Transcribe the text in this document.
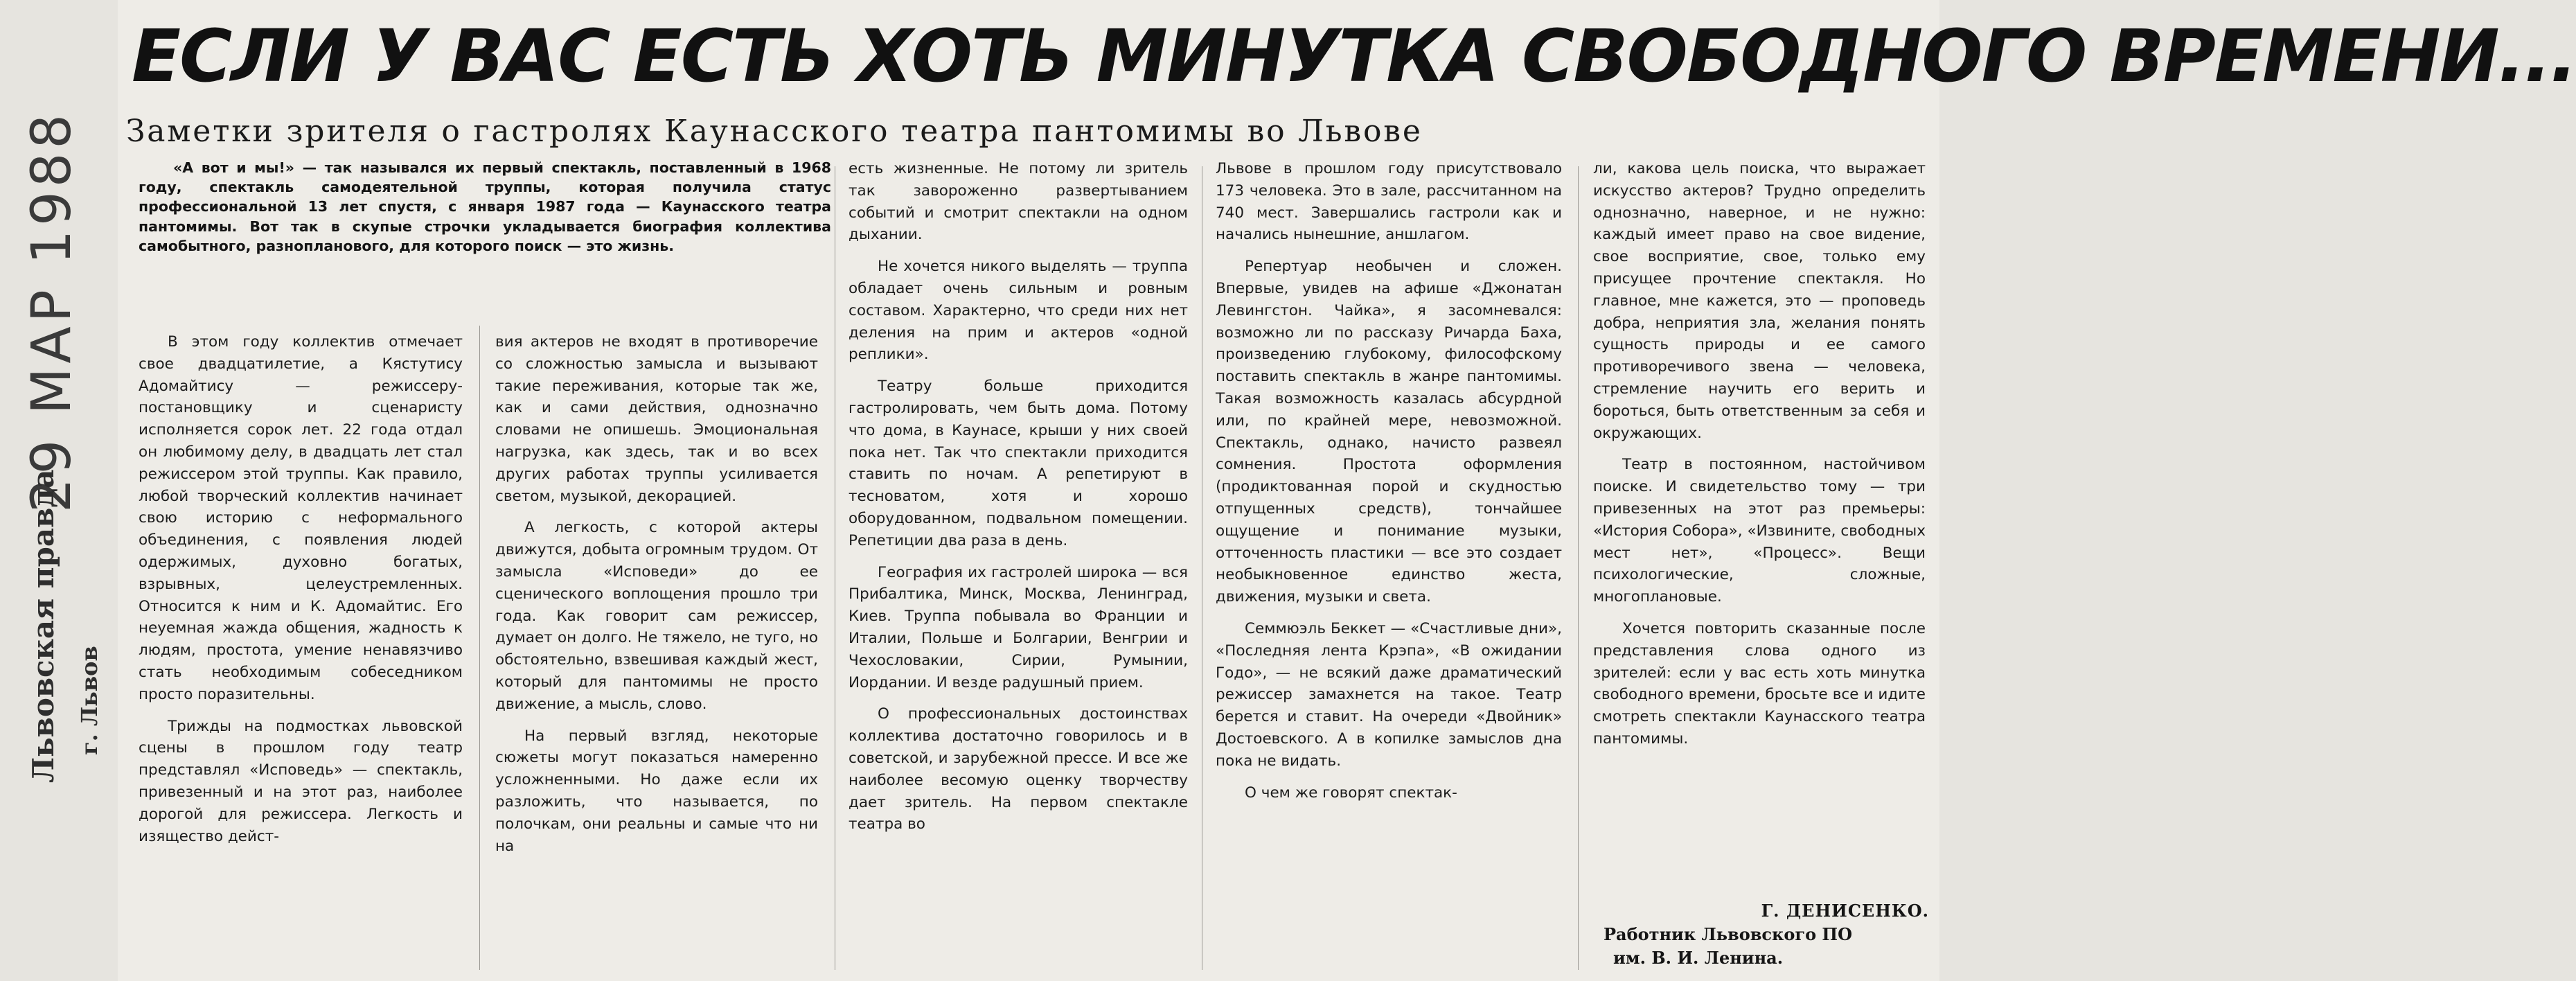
29 МАР 1988
Львовская правда г. Львов
ЕСЛИ У ВАС ЕСТЬ ХОТЬ МИНУТКА СВОБОДНОГО ВРЕМЕНИ...
Заметки зрителя о гастролях Каунасского театра пантомимы во Львове

«А вот и мы!» — так назывался их первый спектакль, поставленный в 1968 году, спектакль самодеятельной труппы, которая получила статус профессиональной 13 лет спустя, с января 1987 года — Каунасского театра пантомимы. Вот так в скупые строчки укладывается биография коллектива самобытного, разнопланового, для которого поиск — это жизнь.

В этом году коллектив отмечает свое двадцатилетие, а Кястутису Адомайтису — режиссеру-постановщику и сценаристу исполняется сорок лет. 22 года отдал он любимому делу, в двадцать лет стал режиссером этой труппы. Как правило, любой творческий коллектив начинает свою историю с неформального объединения, с появления людей одержимых, духовно богатых, взрывных, целеустремленных. Относится к ним и К. Адомайтис. Его неуемная жажда общения, жадность к людям, простота, умение ненавязчиво стать необходимым собеседником просто поразительны.

Трижды на подмостках львовской сцены в прошлом году театр представлял «Исповедь» — спектакль, привезенный и на этот раз, наиболее дорогой для режиссера. Легкость и изящество дейст-

вия актеров не входят в противоречие со сложностью замысла и вызывают такие переживания, которые так же, как и сами действия, однозначно словами не опишешь. Эмоциональная нагрузка, как здесь, так и во всех других работах труппы усиливается светом, музыкой, декорацией.

А легкость, с которой актеры движутся, добыта огромным трудом. От замысла «Исповеди» до ее сценического воплощения прошло три года. Как говорит сам режиссер, думает он долго. Не тяжело, не туго, но обстоятельно, взвешивая каждый жест, который для пантомимы не просто движение, а мысль, слово.

На первый взгляд, некоторые сюжеты могут показаться намеренно усложненными. Но даже если их разложить, что называется, по полочкам, они реальны и самые что ни на

есть жизненные. Не потому ли зритель так завороженно развертыванием событий и смотрит спектакли на одном дыхании.

Не хочется никого выделять — труппа обладает очень сильным и ровным составом. Характерно, что среди них нет деления на прим и актеров «одной реплики».

Театру больше приходится гастролировать, чем быть дома. Потому что дома, в Каунасе, крыши у них своей пока нет. Так что спектакли приходится ставить по ночам. А репетируют в тесноватом, хотя и хорошо оборудованном, подвальном помещении. Репетиции два раза в день.

География их гастролей широка — вся Прибалтика, Минск, Москва, Ленинград, Киев. Труппа побывала во Франции и Италии, Польше и Болгарии, Венгрии и Чехословакии, Сирии, Румынии, Иордании. И везде радушный прием.

О профессиональных достоинствах коллектива достаточно говорилось и в советской, и зарубежной прессе. И все же наиболее весомую оценку творчеству дает зритель. На первом спектакле театра во

Львове в прошлом году присутствовало 173 человека. Это в зале, рассчитанном на 740 мест. Завершались гастроли как и начались нынешние, аншлагом.

Репертуар необычен и сложен. Впервые, увидев на афише «Джонатан Левингстон. Чайка», я засомневался: возможно ли по рассказу Ричарда Баха, произведению глубокому, философскому поставить спектакль в жанре пантомимы. Такая возможность казалась абсурдной или, по крайней мере, невозможной. Спектакль, однако, начисто развеял сомнения. Простота оформления (продиктованная порой и скудностью отпущенных средств), тончайшее ощущение и понимание музыки, отточенность пластики — все это создает необыкновенное единство жеста, движения, музыки и света.

Семмюэль Беккет — «Счастливые дни», «Последняя лента Крэпа», «В ожидании Годо», — не всякий даже драматический режиссер замахнется на такое. Театр берется и ставит. На очереди «Двойник» Достоевского. А в копилке замыслов дна пока не видать.

О чем же говорят спектак-

ли, какова цель поиска, что выражает искусство актеров? Трудно определить однозначно, наверное, и не нужно: каждый имеет право на свое видение, свое восприятие, свое, только ему присущее прочтение спектакля. Но главное, мне кажется, это — проповедь добра, неприятия зла, желания понять сущность природы и ее самого противоречивого звена — человека, стремление научить его верить и бороться, быть ответственным за себя и окружающих.

Театр в постоянном, настойчивом поиске. И свидетельство тому — три привезенных на этот раз премьеры: «История Собора», «Извините, свободных мест нет», «Процесс». Вещи психологические, сложные, многоплановые.

Хочется повторить сказанные после представления слова одного из зрителей: если у вас есть хоть минутка свободного времени, бросьте все и идите смотреть спектакли Каунасского театра пантомимы.

Г. ДЕНИСЕНКО.
Работник Львовского ПО
им. В. И. Ленина.
